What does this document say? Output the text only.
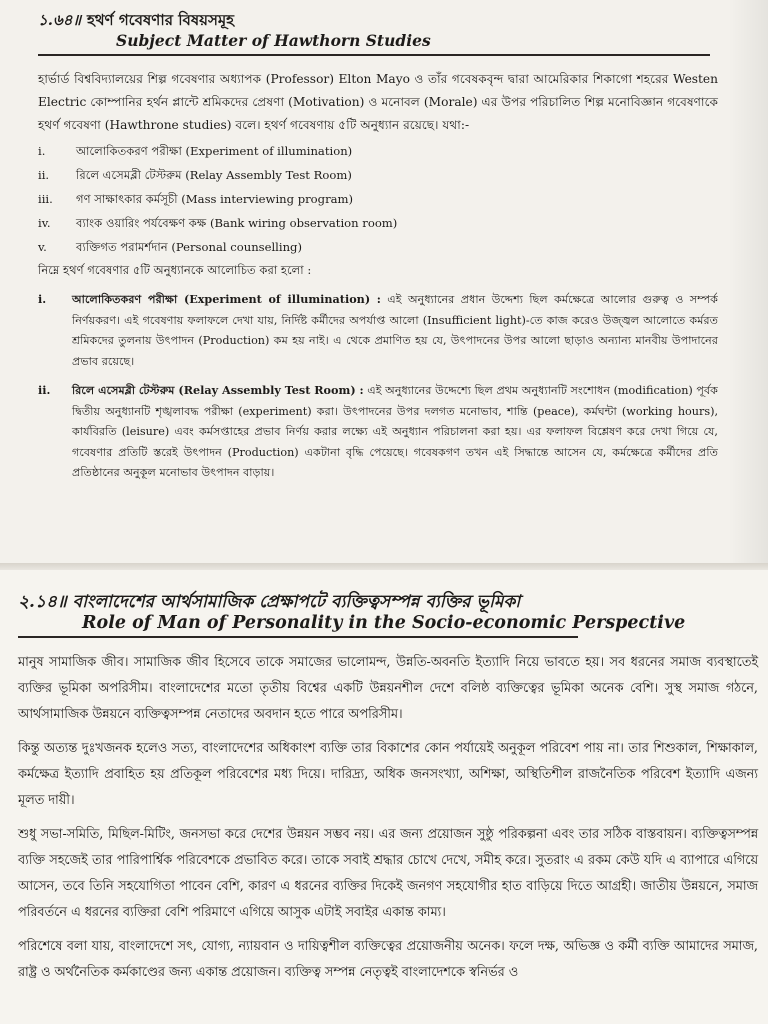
১.৬৪॥ হথর্ণ গবেষণার বিষয়সমূহ
Subject Matter of Hawthorn Studies

হার্ভার্ড বিশ্ববিদ্যালয়ের শিল্প গবেষণার অধ্যাপক (Professor) Elton Mayo ও তাঁর গবেষকবৃন্দ দ্বারা আমেরিকার শিকাগো শহরের Westen Electric কোম্পানির হর্থন প্লান্টে শ্রমিকদের প্রেষণা (Motivation) ও মনোবল (Morale) এর উপর পরিচালিত শিল্প মনোবিজ্ঞান গবেষণাকে হথর্ণ গবেষণা (Hawthrone studies) বলে। হথর্ণ গবেষণায় ৫টি অনুধ্যান রয়েছে। যথা:-

i.	আলোকিতকরণ পরীক্ষা (Experiment of illumination)
ii.	রিলে এসেমব্লী টেস্টরুম (Relay Assembly Test Room)
iii.	গণ সাক্ষাৎকার কর্মসূচী (Mass interviewing program)
iv.	ব্যাংক ওয়ারিং পর্যবেক্ষণ কক্ষ (Bank wiring observation room)
v.	ব্যক্তিগত পরামর্শদান (Personal counselling)

নিম্নে হথর্ণ গবেষণার ৫টি অনুধ্যানকে আলোচিত করা হলো :

i.	আলোকিতকরণ পরীক্ষা (Experiment of illumination) : এই অনুধ্যানের প্রধান উদ্দেশ্য ছিল কর্মক্ষেত্রে আলোর গুরুত্ব ও সম্পর্ক নির্ণয়করণ। এই গবেষণায় ফলাফলে দেখা যায়, নির্দিষ্ট কর্মীদের অপর্যাপ্ত আলো (Insufficient light)-তে কাজ করেও উজ্জ্বল আলোতে কর্মরত শ্রমিকদের তুলনায় উৎপাদন (Production) কম হয় নাই। এ থেকে প্রমাণিত হয় যে, উৎপাদনের উপর আলো ছাড়াও অন্যান্য মানবীয় উপাদানের প্রভাব রয়েছে।
ii.	রিলে এসেমব্লী টেস্টরুম (Relay Assembly Test Room) : এই অনুধ্যানের উদ্দেশ্যে ছিল প্রথম অনুধ্যানটি সংশোধন (modification) পূর্বক দ্বিতীয় অনুধ্যানটি শৃঙ্খলাবদ্ধ পরীক্ষা (experiment) করা। উৎপাদনের উপর দলগত মনোভাব, শান্তি (peace), কর্মঘন্টা (working hours), কার্যবিরতি (leisure) এবং কর্মসপ্তাহের প্রভাব নির্ণয় করার লক্ষ্যে এই অনুধ্যান পরিচালনা করা হয়। এর ফলাফল বিশ্লেষণ করে দেখা গিয়ে যে, গবেষণার প্রতিটি স্তরেই উৎপাদন (Production) একটানা বৃদ্ধি পেয়েছে। গবেষকগণ তখন এই সিদ্ধান্তে আসেন যে, কর্মক্ষেত্রে কর্মীদের প্রতি প্রতিষ্ঠানের অনুকূল মনোভাব উৎপাদন বাড়ায়।
২.১৪॥ বাংলাদেশের আর্থসামাজিক প্রেক্ষাপটে ব্যক্তিত্বসম্পন্ন ব্যক্তির ভূমিকা
Role of Man of Personality in the Socio-economic Perspective

মানুষ সামাজিক জীব। সামাজিক জীব হিসেবে তাকে সমাজের ভালোমন্দ, উন্নতি-অবনতি ইত্যাদি নিয়ে ভাবতে হয়। সব ধরনের সমাজ ব্যবস্থাতেই ব্যক্তির ভূমিকা অপরিসীম। বাংলাদেশের মতো তৃতীয় বিশ্বের একটি উন্নয়নশীল দেশে বলিষ্ঠ ব্যক্তিত্বের ভূমিকা অনেক বেশি। সুস্থ সমাজ গঠনে, আর্থসামাজিক উন্নয়নে ব্যক্তিত্বসম্পন্ন নেতাদের অবদান হতে পারে অপরিসীম।

কিন্তু অত্যন্ত দুঃখজনক হলেও সত্য, বাংলাদেশের অধিকাংশ ব্যক্তি তার বিকাশের কোন পর্যায়েই অনুকূল পরিবেশ পায় না। তার শিশুকাল, শিক্ষাকাল, কর্মক্ষেত্র ইত্যাদি প্রবাহিত হয় প্রতিকূল পরিবেশের মধ্য দিয়ে। দারিদ্র্য, অধিক জনসংখ্যা, অশিক্ষা, অস্থিতিশীল রাজনৈতিক পরিবেশ ইত্যাদি এজন্য মূলত দায়ী।

শুধু সভা-সমিতি, মিছিল-মিটিং, জনসভা করে দেশের উন্নয়ন সম্ভব নয়। এর জন্য প্রয়োজন সুষ্ঠু পরিকল্পনা এবং তার সঠিক বাস্তবায়ন। ব্যক্তিত্বসম্পন্ন ব্যক্তি সহজেই তার পারিপার্শ্বিক পরিবেশকে প্রভাবিত করে। তাকে সবাই শ্রদ্ধার চোখে দেখে, সমীহ করে। সুতরাং এ রকম কেউ যদি এ ব্যাপারে এগিয়ে আসেন, তবে তিনি সহযোগিতা পাবেন বেশি, কারণ এ ধরনের ব্যক্তির দিকেই জনগণ সহযোগীর হাত বাড়িয়ে দিতে আগ্রহী। জাতীয় উন্নয়নে, সমাজ পরিবর্তনে এ ধরনের ব্যক্তিরা বেশি পরিমাণে এগিয়ে আসুক এটাই সবাইর একান্ত কাম্য।

পরিশেষে বলা যায়, বাংলাদেশে সৎ, যোগ্য, ন্যায়বান ও দায়িত্বশীল ব্যক্তিত্বের প্রয়োজনীয় অনেক। ফলে দক্ষ, অভিজ্ঞ ও কর্মী ব্যক্তি আমাদের সমাজ, রাষ্ট্র ও অর্থনৈতিক কর্মকাণ্ডের জন্য একান্ত প্রয়োজন। ব্যক্তিত্ব সম্পন্ন নেতৃত্বই বাংলাদেশকে স্বনির্ভর ও
